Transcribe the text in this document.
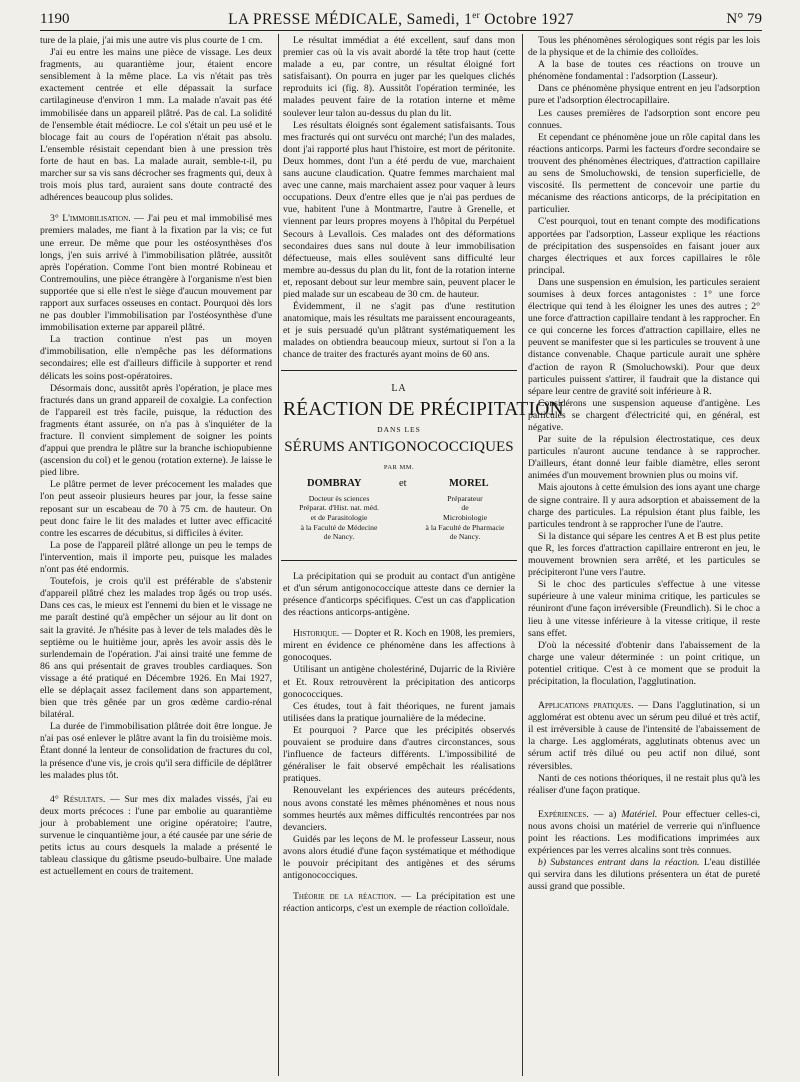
1190	LA PRESSE MÉDICALE, Samedi, 1er Octobre 1927	N° 79

ture de la plaie, j'ai mis une autre vis plus courte de 1 cm.

J'ai eu entre les mains une pièce de vissage. Les deux fragments, au quarantième jour, étaient encore sensiblement à la même place. La vis n'était pas très exactement centrée et elle dépassait la surface cartilagineuse d'environ 1 mm. La malade n'avait pas été immobilisée dans un appareil plâtré. Pas de cal. La solidité de l'ensemble était médiocre. Le col s'était un peu usé et le blocage fait au cours de l'opération n'était pas absolu. L'ensemble résistait cependant bien à une pression très forte de haut en bas. La malade aurait, semble-t-il, pu marcher sur sa vis sans décrocher ses fragments qui, deux à trois mois plus tard, auraient sans doute contracté des adhérences beaucoup plus solides.

3° L'immobilisation. — J'ai peu et mal immobilisé mes premiers malades, me fiant à la fixation par la vis; ce fut une erreur. De même que pour les ostéosynthèses d'os longs, j'en suis arrivé à l'immobilisation plâtrée, aussitôt après l'opération. Comme l'ont bien montré Robineau et Contremoulins, une pièce étrangère à l'organisme n'est bien supportée que si elle n'est le siège d'aucun mouvement par rapport aux surfaces osseuses en contact. Pourquoi dès lors ne pas doubler l'immobilisation par l'ostéosynthèse d'une immobilisation externe par appareil plâtré.

La traction continue n'est pas un moyen d'immobilisation, elle n'empêche pas les déformations secondaires; elle est d'ailleurs difficile à supporter et rend délicats les soins post-opératoires.

Désormais donc, aussitôt après l'opération, je place mes fracturés dans un grand appareil de coxalgie. La confection de l'appareil est très facile, puisque, la réduction des fragments étant assurée, on n'a pas à s'inquiéter de la fracture. Il convient simplement de soigner les points d'appui que prendra le plâtre sur la branche ischiopubienne (ascension du col) et le genou (rotation externe). Je laisse le pied libre.

Le plâtre permet de lever précocement les malades que l'on peut asseoir plusieurs heures par jour, la fesse saine reposant sur un escabeau de 70 à 75 cm. de hauteur. On peut donc faire le lit des malades et lutter avec efficacité contre les escarres de décubitus, si difficiles à éviter.

La pose de l'appareil plâtré allonge un peu le temps de l'intervention, mais il importe peu, puisque les malades n'ont pas été endormis.

Toutefois, je crois qu'il est préférable de s'abstenir d'appareil plâtré chez les malades trop âgés ou trop usés. Dans ces cas, le mieux est l'ennemi du bien et le vissage ne me paraît destiné qu'à empêcher un séjour au lit dont on sait la gravité. Je n'hésite pas à lever de tels malades dès le septième ou le huitième jour, après les avoir assis dès le surlendemain de l'opération. J'ai ainsi traité une femme de 86 ans qui présentait de graves troubles cardiaques. Son vissage a été pratiqué en Décembre 1926. En Mai 1927, elle se déplaçait assez facilement dans son appartement, bien que très gênée par un gros œdème cardio-rénal bilatéral.

La durée de l'immobilisation plâtrée doit être longue. Je n'ai pas osé enlever le plâtre avant la fin du troisième mois. Étant donné la lenteur de consolidation de fractures du col, la présence d'une vis, je crois qu'il sera difficile de déplâtrer les malades plus tôt.

4° Résultats. — Sur mes dix malades vissés, j'ai eu deux morts précoces : l'une par embolie au quarantième jour à probablement une origine opératoire; l'autre, survenue le cinquantième jour, a été causée par une série de petits ictus au cours desquels la malade a présenté le tableau classique du gâtisme pseudo-bulbaire. Une malade est actuellement en cours de traitement.

Le résultat immédiat a été excellent, sauf dans mon premier cas où la vis avait abordé la tête trop haut (cette malade a eu, par contre, un résultat éloigné fort satisfaisant). On pourra en juger par les quelques clichés reproduits ici (fig. 8). Aussitôt l'opération terminée, les malades peuvent faire de la rotation interne et même soulever leur talon au-dessus du plan du lit.

Les résultats éloignés sont également satisfaisants. Tous mes fracturés qui ont survécu ont marché; l'un des malades, dont j'ai rapporté plus haut l'histoire, est mort de péritonite. Deux hommes, dont l'un a été perdu de vue, marchaient sans aucune claudication. Quatre femmes marchaient mal avec une canne, mais marchaient assez pour vaquer à leurs occupations. Deux d'entre elles que je n'ai pas perdues de vue, habitent l'une à Montmartre, l'autre à Grenelle, et viennent par leurs propres moyens à l'hôpital du Perpétuel Secours à Levallois. Ces malades ont des déformations secondaires dues sans nul doute à leur immobilisation défectueuse, mais elles soulèvent sans difficulté leur membre au-dessus du plan du lit, font de la rotation interne et, reposant debout sur leur membre sain, peuvent placer le pied malade sur un escabeau de 30 cm. de hauteur.

Évidemment, il ne s'agit pas d'une restitution anatomique, mais les résultats me paraissent encourageants, et je suis persuadé qu'un plâtrant systématiquement les malades on obtiendra beaucoup mieux, surtout si l'on a la chance de traiter des fracturés ayant moins de 60 ans.

LA
RÉACTION DE PRÉCIPITATION
DANS LES
SÉRUMS ANTIGONOCOCCIQUES
PAR MM.
DOMBRAY	et	MOREL
Docteur ès sciences
Préparat. d'Hist. nat. méd.
et de Parasitologie
à la Faculté de Médecine
de Nancy.
Préparateur
de
Microbiologie
à la Faculté de Pharmacie
de Nancy.

La précipitation qui se produit au contact d'un antigène et d'un sérum antigonococcique atteste dans ce dernier la présence d'anticorps spécifiques. C'est un cas d'application des réactions anticorps-antigène.

Historique. — Dopter et R. Koch en 1908, les premiers, mirent en évidence ce phénomène dans les affections à gonocoques.

Utilisant un antigène cholestériné, Dujarric de la Rivière et Et. Roux retrouvèrent la précipitation des anticorps gonococciques.

Ces études, tout à fait théoriques, ne furent jamais utilisées dans la pratique journalière de la médecine.

Et pourquoi ? Parce que les précipités observés pouvaient se produire dans d'autres circonstances, sous l'influence de facteurs différents. L'impossibilité de généraliser le fait observé empêchait les réalisations pratiques.

Renouvelant les expériences des auteurs précédents, nous avons constaté les mêmes phénomènes et nous nous sommes heurtés aux mêmes difficultés rencontrées par nos devanciers.

Guidés par les leçons de M. le professeur Lasseur, nous avons alors étudié d'une façon systématique et méthodique le pouvoir précipitant des antigènes et des sérums antigonococciques.

Théorie de la réaction. — La précipitation est une réaction anticorps, c'est un exemple de réaction colloïdale.

Tous les phénomènes sérologiques sont régis par les lois de la physique et de la chimie des colloïdes.

A la base de toutes ces réactions on trouve un phénomène fondamental : l'adsorption (Lasseur).

Dans ce phénomène physique entrent en jeu l'adsorption pure et l'adsorption électrocapillaire.

Les causes premières de l'adsorption sont encore peu connues.

Et cependant ce phénomène joue un rôle capital dans les réactions anticorps. Parmi les facteurs d'ordre secondaire se trouvent des phénomènes électriques, d'attraction capillaire au sens de Smoluchowski, de tension superficielle, de viscosité. Ils permettent de concevoir une partie du mécanisme des réactions anticorps, de la précipitation en particulier.

C'est pourquoi, tout en tenant compte des modifications apportées par l'adsorption, Lasseur explique les réactions de précipitation des suspensoïdes en faisant jouer aux charges électriques et aux forces capillaires le rôle principal.

Dans une suspension en émulsion, les particules seraient soumises à deux forces antagonistes : 1° une force électrique qui tend à les éloigner les unes des autres ; 2° une force d'attraction capillaire tendant à les rapprocher. En ce qui concerne les forces d'attraction capillaire, elles ne peuvent se manifester que si les particules se trouvent à une distance convenable. Chaque particule aurait une sphère d'action de rayon R (Smoluchowski). Pour que deux particules puissent s'attirer, il faudrait que la distance qui sépare leur centre de gravité soit inférieure à R.

Considérons une suspension aqueuse d'antigène. Les particules se chargent d'électricité qui, en général, est négative.

Par suite de la répulsion électrostatique, ces deux particules n'auront aucune tendance à se rapprocher. D'ailleurs, étant donné leur faible diamètre, elles seront animées d'un mouvement brownien plus ou moins vif.

Mais ajoutons à cette émulsion des ions ayant une charge de signe contraire. Il y aura adsorption et abaissement de la charge des particules. La répulsion étant plus faible, les particules tendront à se rapprocher l'une de l'autre.

Si la distance qui sépare les centres A et B est plus petite que R, les forces d'attraction capillaire entreront en jeu, le mouvement brownien sera arrêté, et les particules se précipiteront l'une vers l'autre.

Si le choc des particules s'effectue à une vitesse supérieure à une valeur minima critique, les particules se réuniront d'une façon irréversible (Freundlich). Si le choc a lieu à une vitesse inférieure à la vitesse critique, il reste sans effet.

D'où la nécessité d'obtenir dans l'abaissement de la charge une valeur déterminée : un point critique, un potentiel critique. C'est à ce moment que se produit la précipitation, la floculation, l'agglutination.

Applications pratiques. — Dans l'agglutination, si un agglomérat est obtenu avec un sérum peu dilué et très actif, il est irréversible à cause de l'intensité de l'abaissement de la charge. Les agglomérats, agglutinats obtenus avec un sérum actif très dilué ou peu actif non dilué, sont réversibles.

Nanti de ces notions théoriques, il ne restait plus qu'à les réaliser d'une façon pratique.

Expériences. — a) Matériel. Pour effectuer celles-ci, nous avons choisi un matériel de verrerie qui n'influence point les réactions. Les modifications imprimées aux expériences par les verres alcalins sont très connues.

b) Substances entrant dans la réaction. L'eau distillée qui servira dans les dilutions présentera un état de pureté aussi grand que possible.
